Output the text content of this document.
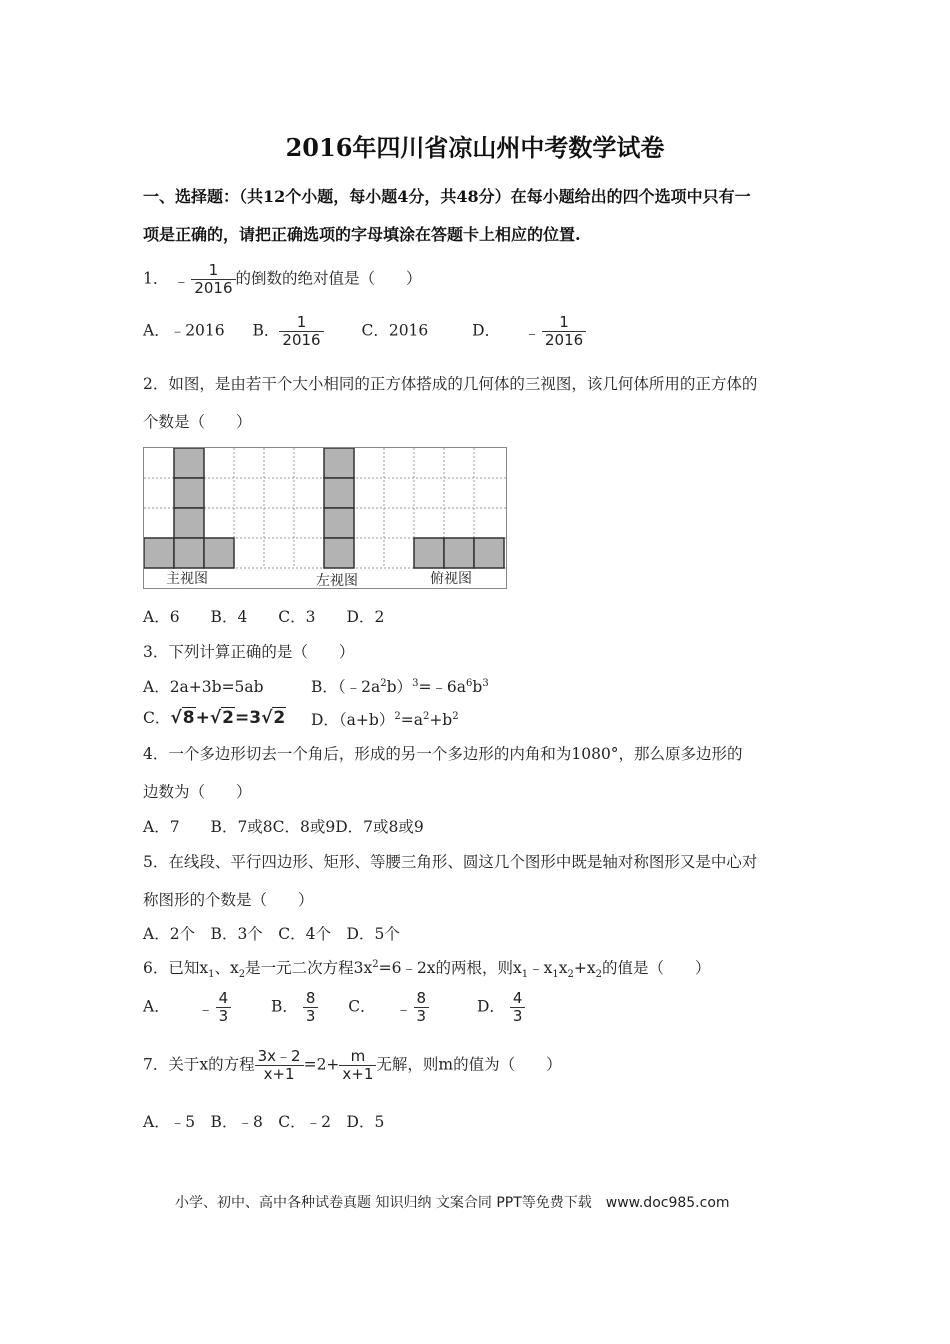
2016年四川省凉山州中考数学试卷
一、选择题：（共12个小题，每小题4分，共48分）在每小题给出的四个选项中只有一
项是正确的，请把正确选项的字母填涂在答题卡上相应的位置.
1． ﹣ $\frac{1}{2016}$ 的倒数的绝对值是（　　）
A．﹣2016 B． $\frac{1}{2016}$ C．2016	D． ﹣ $\frac{1}{2016}$
2．如图，是由若干个大小相同的正方体搭成的几何体的三视图，该几何体所用的正方体的
个数是（　　）
主视图	左视图	俯视图
A．6　　B．4　　C．3　　D．2
3．下列计算正确的是（　　）
A．2a+3b=5ab	B．$(﹣2a^2b)^3=﹣6a^6b^3$
C．√8+√2=3√2 D．$(a+b)^2=a^2+b^2$
4．一个多边形切去一个角后，形成的另一个多边形的内角和为1080°，那么原多边形的
边数为（　　）
A．7　　B．7或8C．8或9D．7或8或9
5．在线段、平行四边形、矩形、等腰三角形、圆这几个图形中既是轴对称图形又是中心对
称图形的个数是（　　）
A．2个　B．3个　C．4个　D．5个
6．已知$x_1$、$x_2$是一元二次方程$3x^2=6﹣2x$的两根，则$x_1﹣x_1x_2+x_2$的值是（　　）
A． ﹣ $\frac{4}{3}$	B． $\frac{8}{3}$ C． ﹣ $\frac{8}{3}$	D． $\frac{4}{3}$
7．关于x的方程 $\frac{3x﹣2}{x+1} =2+ \frac{m}{x+1}$ 无解，则m的值为（　　）
A．﹣5　B．﹣8　C．﹣2　D．5
小学、初中、高中各种试卷真题 知识归纳 文案合同 PPT等免费下载　www.doc985.com
